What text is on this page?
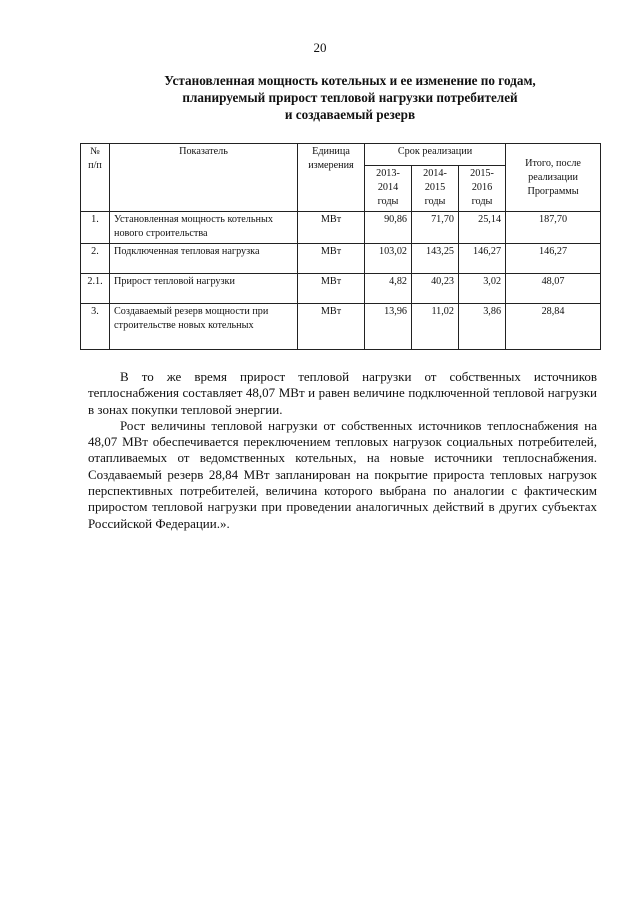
20
Установленная мощность котельных и ее изменение по годам,
планируемый прирост тепловой нагрузки потребителей
и создаваемый резерв
№ п/п	Показатель	Единица измерения	Срок реализации			Итого, после реализации Программы
			2013-2014 годы	2014-2015 годы	2015-2016 годы	
1.	Установленная мощность котельных нового строительства	МВт	90,86	71,70	25,14	187,70
2.	Подключенная тепловая нагрузка	МВт	103,02	143,25	146,27	146,27
2.1.	Прирост тепловой нагрузки	МВт	4,82	40,23	3,02	48,07
3.	Создаваемый резерв мощности при строительстве новых котельных	МВт	13,96	11,02	3,86	28,84

В то же время прирост тепловой нагрузки от собственных источников теплоснабжения составляет 48,07 МВт и равен величине подключенной тепловой нагрузки в зонах покупки тепловой энергии.

Рост величины тепловой нагрузки от собственных источников теплоснабжения на 48,07 МВт обеспечивается переключением тепловых нагрузок социальных потребителей, отапливаемых от ведомственных котельных, на новые источники теплоснабжения. Создаваемый резерв 28,84 МВт запланирован на покрытие прироста тепловых нагрузок перспективных потребителей, величина которого выбрана по аналогии с фактическим приростом тепловой нагрузки при проведении аналогичных действий в других субъектах Российской Федерации.».
